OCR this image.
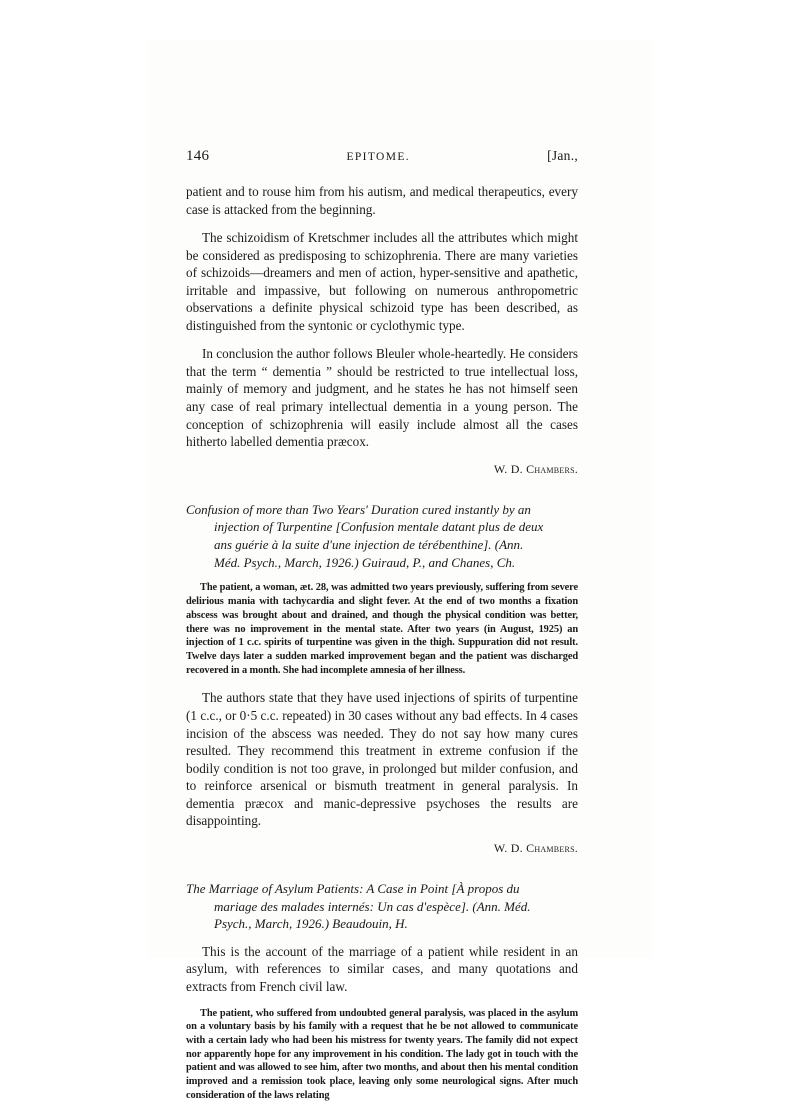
146	EPITOME.	[Jan.,

patient and to rouse him from his autism, and medical therapeutics, every case is attacked from the beginning.

The schizoidism of Kretschmer includes all the attributes which might be considered as predisposing to schizophrenia. There are many varieties of schizoids—dreamers and men of action, hyper-sensitive and apathetic, irritable and impassive, but following on numerous anthropometric observations a definite physical schizoid type has been described, as distinguished from the syntonic or cyclothymic type.

In conclusion the author follows Bleuler whole-heartedly. He considers that the term “ dementia ” should be restricted to true intellectual loss, mainly of memory and judgment, and he states he has not himself seen any case of real primary intellectual dementia in a young person. The conception of schizophrenia will easily include almost all the cases hitherto labelled dementia præcox.

W. D. Chambers.
Confusion of more than Two Years' Duration cured instantly by an
injection of Turpentine [Confusion mentale datant plus de deux
ans guérie à la suite d'une injection de térébenthine]. (Ann.
Méd. Psych., March, 1926.) Guiraud, P., and Chanes, Ch.

The patient, a woman, æt. 28, was admitted two years previously, suffering from severe delirious mania with tachycardia and slight fever. At the end of two months a fixation abscess was brought about and drained, and though the physical condition was better, there was no improvement in the mental state. After two years (in August, 1925) an injection of 1 c.c. spirits of turpentine was given in the thigh. Suppuration did not result. Twelve days later a sudden marked improvement began and the patient was discharged recovered in a month. She had incomplete amnesia of her illness.

The authors state that they have used injections of spirits of turpentine (1 c.c., or 0·5 c.c. repeated) in 30 cases without any bad effects. In 4 cases incision of the abscess was needed. They do not say how many cures resulted. They recommend this treatment in extreme confusion if the bodily condition is not too grave, in prolonged but milder confusion, and to reinforce arsenical or bismuth treatment in general paralysis. In dementia præcox and manic-depressive psychoses the results are disappointing.

W. D. Chambers.
The Marriage of Asylum Patients: A Case in Point [À propos du
mariage des malades internés: Un cas d'espèce]. (Ann. Méd.
Psych., March, 1926.) Beaudouin, H.

This is the account of the marriage of a patient while resident in an asylum, with references to similar cases, and many quotations and extracts from French civil law.

The patient, who suffered from undoubted general paralysis, was placed in the asylum on a voluntary basis by his family with a request that he be not allowed to communicate with a certain lady who had been his mistress for twenty years. The family did not expect nor apparently hope for any improvement in his condition. The lady got in touch with the patient and was allowed to see him, after two months, and about then his mental condition improved and a remission took place, leaving only some neurological signs. After much consideration of the laws relating
